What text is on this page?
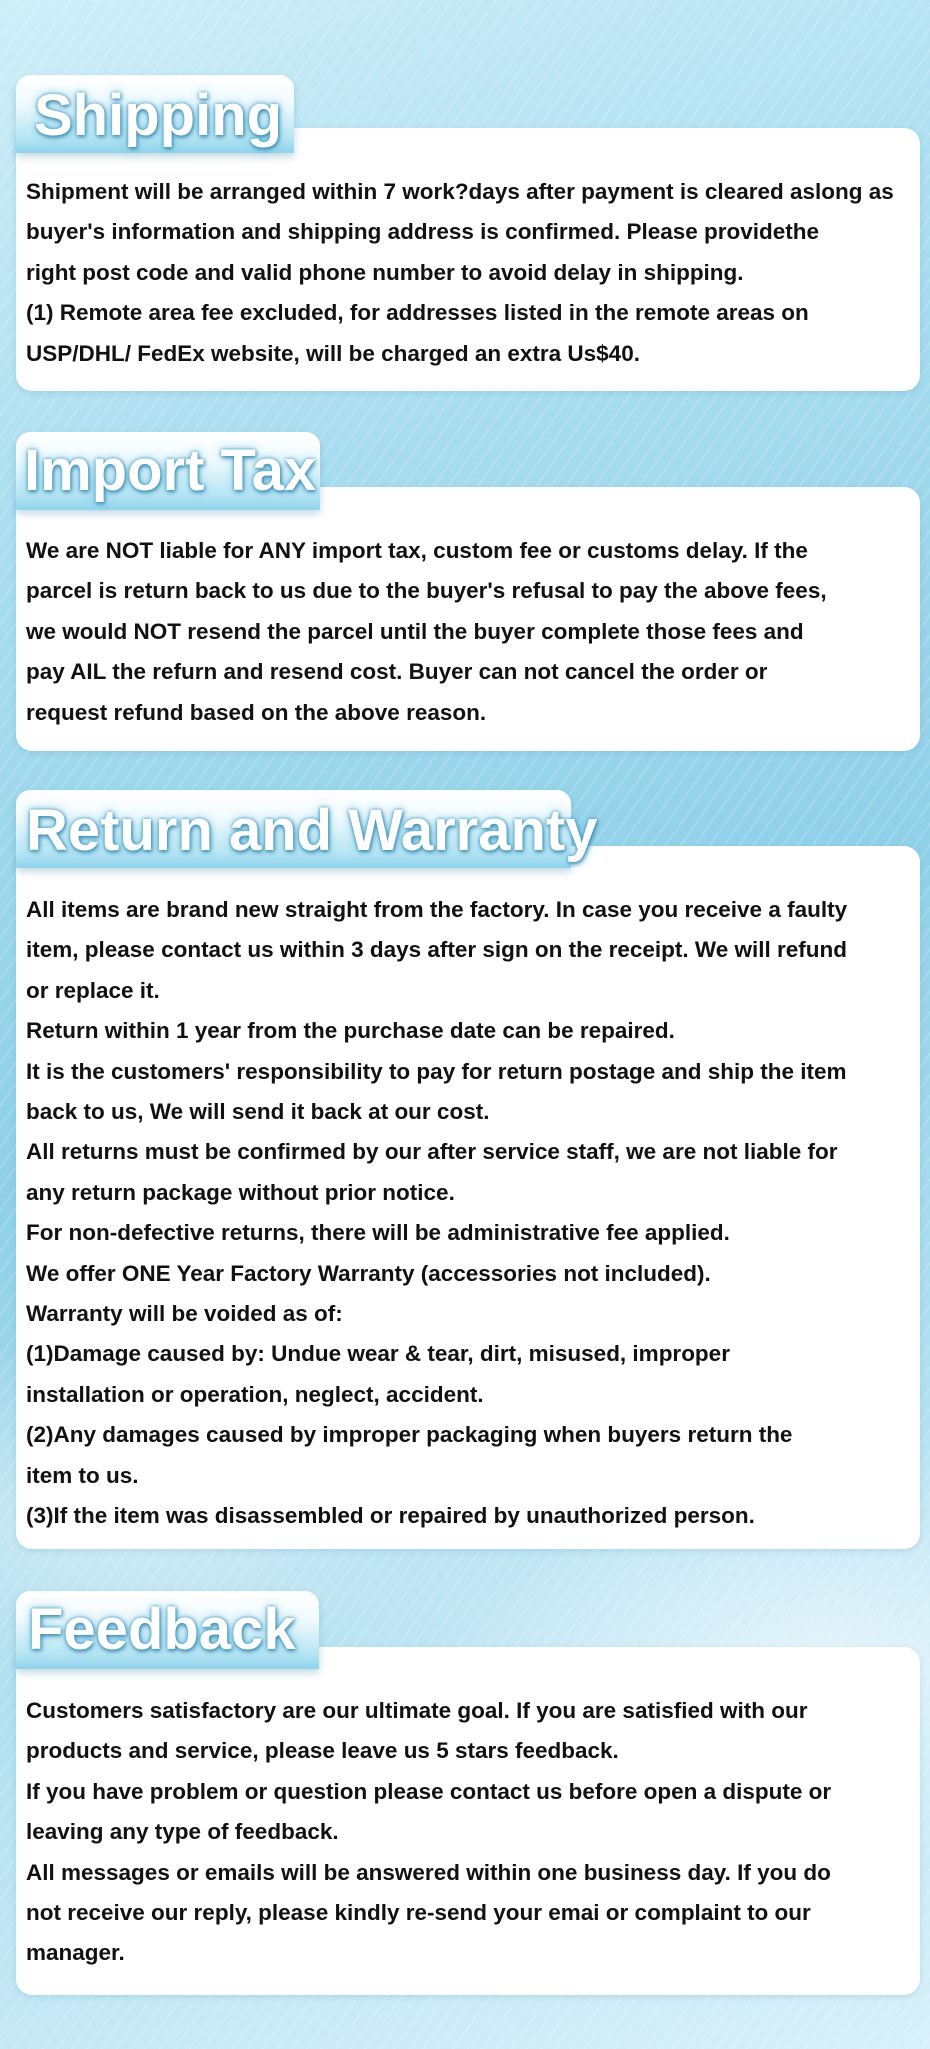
Shipping
Shipment will be arranged within 7 work?days after payment is cleared aslong as
buyer's information and shipping address is confirmed. Please providethe
right post code and valid phone number to avoid delay in shipping.
(1) Remote area fee excluded, for addresses listed in the remote areas on
USP/DHL/ FedEx website, will be charged an extra Us$40.
Import Tax
We are NOT liable for ANY import tax, custom fee or customs delay. If the
parcel is return back to us due to the buyer's refusal to pay the above fees,
we would NOT resend the parcel until the buyer complete those fees and
pay AIL the refurn and resend cost. Buyer can not cancel the order or
request refund based on the above reason.
Return and Warranty
All items are brand new straight from the factory. In case you receive a faulty
item, please contact us within 3 days after sign on the receipt. We will refund
or replace it.
Return within 1 year from the purchase date can be repaired.
It is the customers' responsibility to pay for return postage and ship the item
back to us, We will send it back at our cost.
All returns must be confirmed by our after service staff, we are not liable for
any return package without prior notice.
For non-defective returns, there will be administrative fee applied.
We offer ONE Year Factory Warranty (accessories not included).
Warranty will be voided as of:
(1)Damage caused by: Undue wear & tear, dirt, misused, improper
installation or operation, neglect, accident.
(2)Any damages caused by improper packaging when buyers return the
item to us.
(3)If the item was disassembled or repaired by unauthorized person.
Feedback
Customers satisfactory are our ultimate goal. If you are satisfied with our
products and service, please leave us 5 stars feedback.
If you have problem or question please contact us before open a dispute or
leaving any type of feedback.
All messages or emails will be answered within one business day. If you do
not receive our reply, please kindly re-send your emai or complaint to our
manager.
